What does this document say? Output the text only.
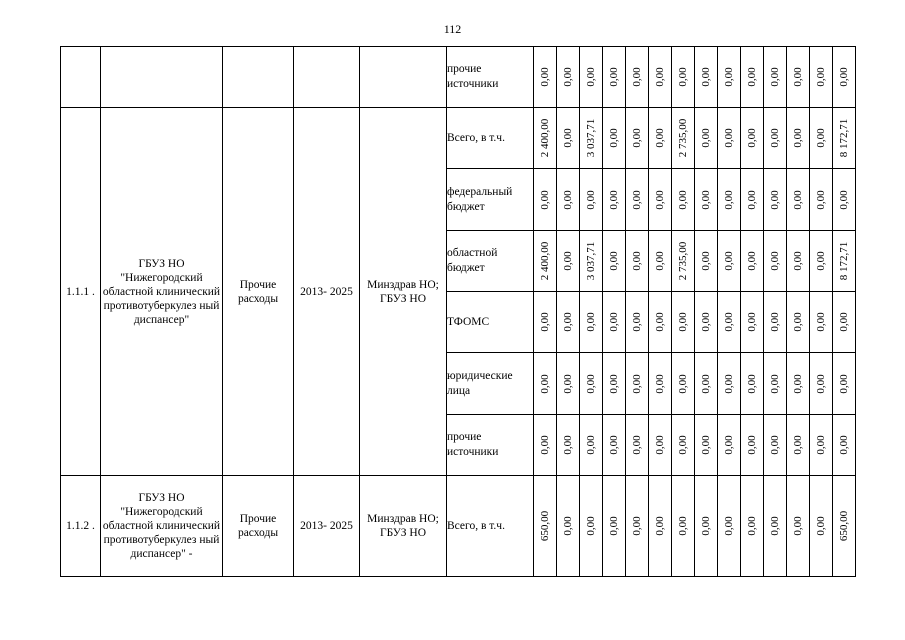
112
					прочие источники	0,00	0,00	0,00	0,00	0,00	0,00	0,00	0,00	0,00	0,00	0,00	0,00	0,00	0,00

1.1.1 .	ГБУЗ НО "Нижегородский областной клинический противотуберкулез ный диспансер"	Прочие расходы	2013- 2025	Минздрав НО; ГБУЗ НО	Всего, в т.ч.	2 400,00	0,00	3 037,71	0,00	0,00	0,00	2 735,00	0,00	0,00	0,00	0,00	0,00	0,00	8 172,71

					федеральный бюджет	0,00	0,00	0,00	0,00	0,00	0,00	0,00	0,00	0,00	0,00	0,00	0,00	0,00	0,00

					областной бюджет	2 400,00	0,00	3 037,71	0,00	0,00	0,00	2 735,00	0,00	0,00	0,00	0,00	0,00	0,00	8 172,71

					ТФОМС	0,00	0,00	0,00	0,00	0,00	0,00	0,00	0,00	0,00	0,00	0,00	0,00	0,00	0,00

					юридические лица	0,00	0,00	0,00	0,00	0,00	0,00	0,00	0,00	0,00	0,00	0,00	0,00	0,00	0,00

					прочие источники	0,00	0,00	0,00	0,00	0,00	0,00	0,00	0,00	0,00	0,00	0,00	0,00	0,00	0,00

1.1.2 .	ГБУЗ НО "Нижегородский областной клинический противотуберкулез ный диспансер" -	Прочие расходы	2013- 2025	Минздрав НО; ГБУЗ НО	Всего, в т.ч.	650,00	0,00	0,00	0,00	0,00	0,00	0,00	0,00	0,00	0,00	0,00	0,00	0,00	650,00
